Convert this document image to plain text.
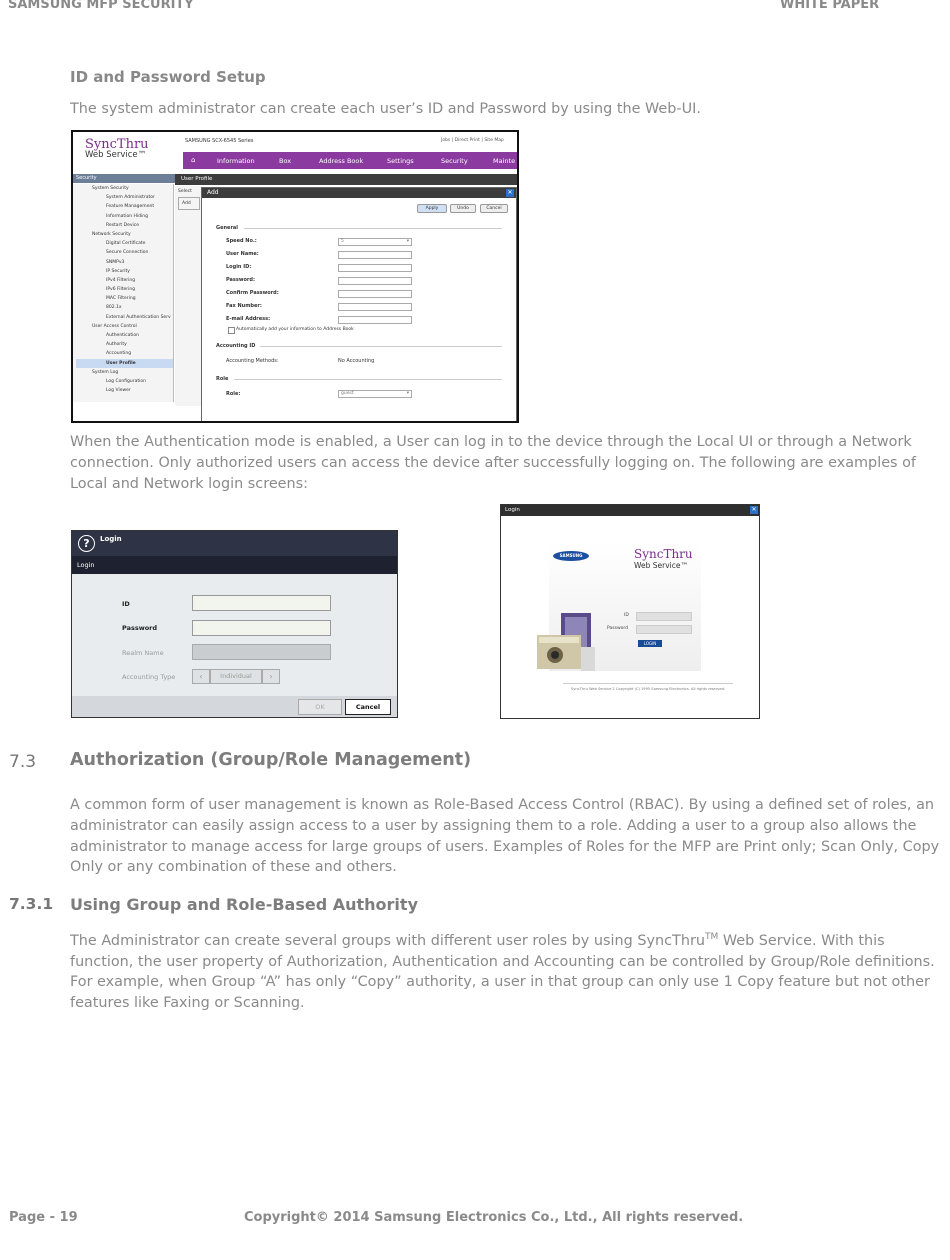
SAMSUNG MFP SECURITY	WHITE PAPER
ID and Password Setup
The system administrator can create each user’s ID and Password by using the Web-UI.
SyncThru
Web Service™
SAMSUNG SCX-6545 Series	Jobs | Direct Print | Site Map
⌂	Information	Box	Address Book	Settings	Security	Mainte
Security
System Security
System Administrator
Feature Management
Information Hiding
Restart Device
Network Security
Digital Certificate
Secure Connection
SNMPv3
IP Security
IPv4 Filtering
IPv6 Filtering
MAC Filtering
802.1x
External Authentication Serv
User Access Control
Authentication
Authority
Accounting
User Profile
System Log
Log Configuration
Log Viewer
User Profile
Select
Add
Add	✕
Apply	Undo	Cancel
General
Speed No.:	5	▾
User Name:
Login ID:
Password:
Confirm Password:
Fax Number:
E-mail Address:
Automatically add your information to Address Book
Accounting ID
Accounting Methods:	No Accounting
Role
Role:	guest	▾
When the Authentication mode is enabled, a User can log in to the device through the Local UI or through a Network connection. Only authorized users can access the device after successfully logging on. The following are examples of Local and Network login screens:
?	Login
Login
ID
Password
Realm Name
Accounting Type	‹	Individual	›
OK	Cancel
Login	✕
SAMSUNG	SyncThru
Web Service™
ID
Password
LOGIN
SyncThru Web Service 2 Copyright (C) 1995 Samsung Electronics. All rights reserved.
7.3 Authorization (Group/Role Management)
A common form of user management is known as Role-Based Access Control (RBAC). By using a defined set of roles, an administrator can easily assign access to a user by assigning them to a role. Adding a user to a group also allows the administrator to manage access for large groups of users. Examples of Roles for the MFP are Print only; Scan Only, Copy Only or any combination of these and others.
7.3.1 Using Group and Role-Based Authority
The Administrator can create several groups with different user roles by using SyncThru™ Web Service. With this function, the user property of Authorization, Authentication and Accounting can be controlled by Group/Role definitions. For example, when Group “A” has only “Copy” authority, a user in that group can only use 1 Copy feature but not other features like Faxing or Scanning.
Page - 19	Copyright© 2014 Samsung Electronics Co., Ltd., All rights reserved.
